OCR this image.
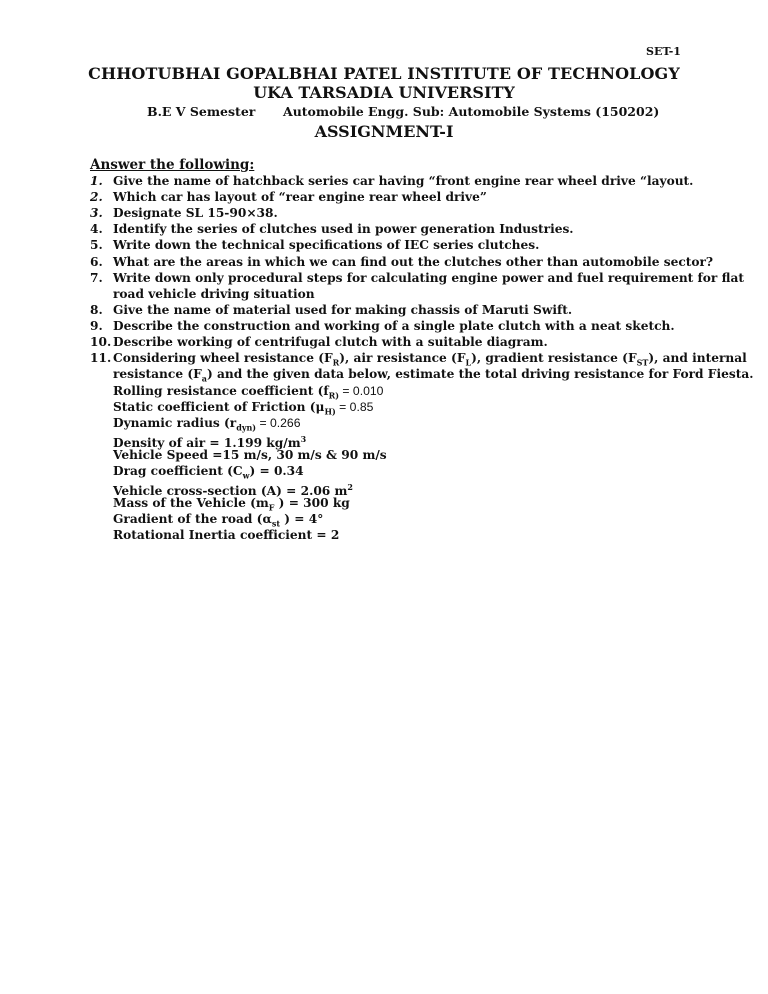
SET-1
CHHOTUBHAI GOPALBHAI PATEL INSTITUTE OF TECHNOLOGY
UKA TARSADIA UNIVERSITY
B.E V Semester Automobile Engg. Sub: Automobile Systems (150202)
ASSIGNMENT-I
Answer the following:
1. Give the name of hatchback series car having “front engine rear wheel drive “layout.
2. Which car has layout of “rear engine rear wheel drive”
3. Designate SL 15-90×38.
4. Identify the series of clutches used in power generation Industries.
5. Write down the technical specifications of IEC series clutches.
6. What are the areas in which we can find out the clutches other than automobile sector?
7. Write down only procedural steps for calculating engine power and fuel requirement for flat
road vehicle driving situation
8. Give the name of material used for making chassis of Maruti Swift.
9. Describe the construction and working of a single plate clutch with a neat sketch.
10. Describe working of centrifugal clutch with a suitable diagram.
11. Considering wheel resistance $(F_R)$, air resistance $(F_L)$, gradient resistance $(F_{ST})$, and internal
resistance $(F_a)$ and the given data below, estimate the total driving resistance for Ford Fiesta.
Rolling resistance coefficient ($f_{R)} = 0.010$
Static coefficient of Friction ($\mu_{H)} = 0.85$
Dynamic radius ($r_{dyn)} = 0.266$
Density of air = 1.199 $kg/m^3$
Vehicle Speed =15 m/s, 30 m/s & 90 m/s
Drag coefficient $(C_w) = 0.34$
Vehicle cross-section (A) = 2.06 $m^2$
Mass of the Vehicle ($m_F$ ) = 300 kg
Gradient of the road ($\alpha_{st}$ ) = 4°
Rotational Inertia coefficient = 2
